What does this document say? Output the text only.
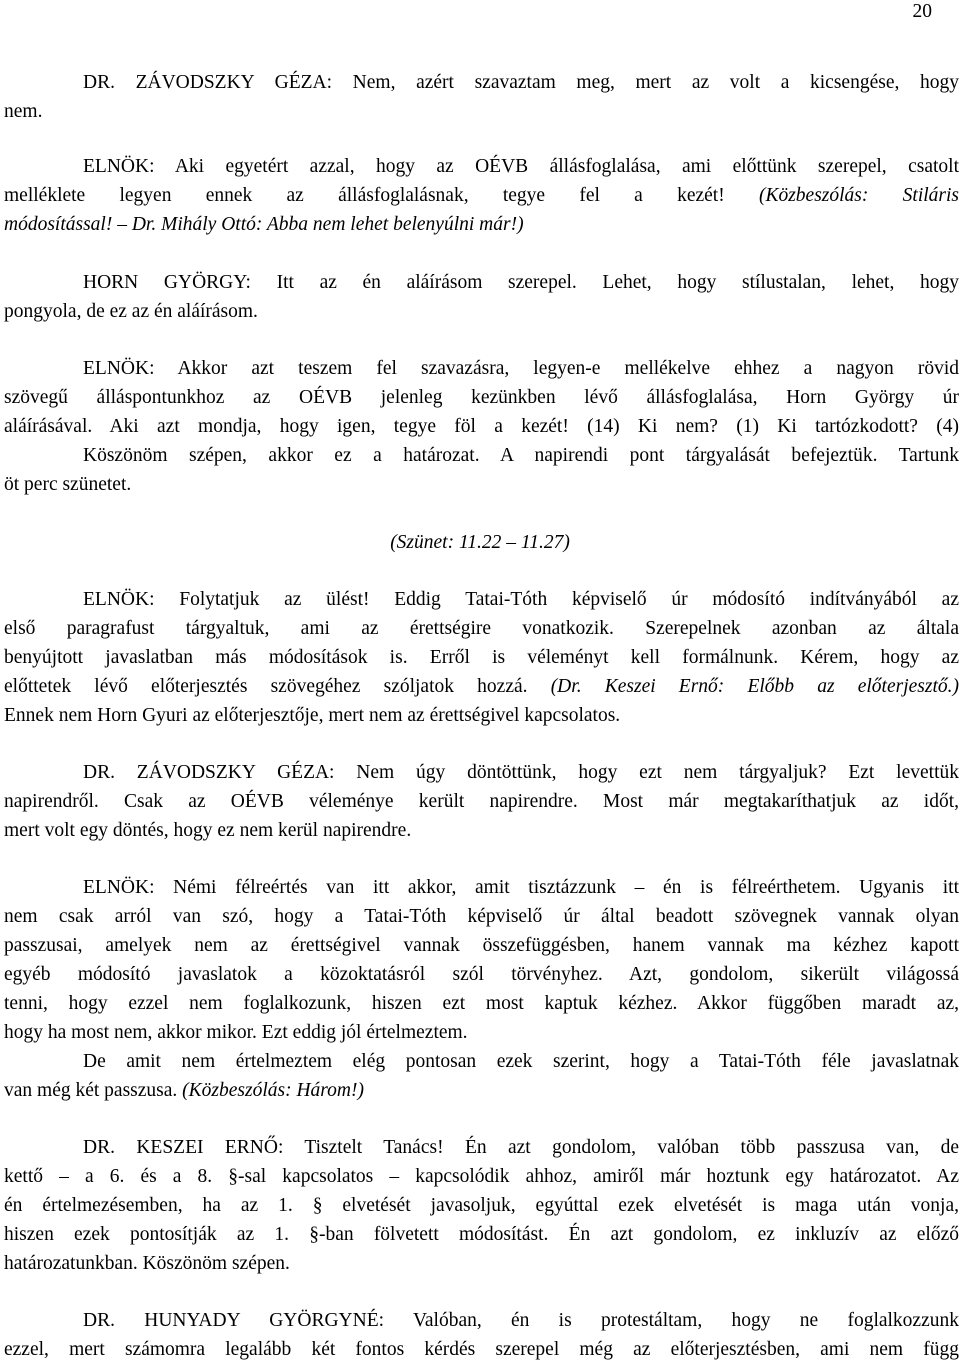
20
DR. ZÁVODSZKY GÉZA: Nem, azért szavaztam meg, mert az volt a kicsengése, hogy
nem.
ELNÖK: Aki egyetért azzal, hogy az OÉVB állásfoglalása, ami előttünk szerepel, csatolt
melléklete legyen ennek az állásfoglalásnak, tegye fel a kezét! (Közbeszólás: Stiláris
módosítással! – Dr. Mihály Ottó: Abba nem lehet belenyúlni már!)
HORN GYÖRGY: Itt az én aláírásom szerepel. Lehet, hogy stílustalan, lehet, hogy
pongyola, de ez az én aláírásom.
ELNÖK: Akkor azt teszem fel szavazásra, legyen-e mellékelve ehhez a nagyon rövid
szövegű álláspontunkhoz az OÉVB jelenleg kezünkben lévő állásfoglalása, Horn György úr
aláírásával. Aki azt mondja, hogy igen, tegye föl a kezét! (14) Ki nem? (1) Ki tartózkodott? (4)
Köszönöm szépen, akkor ez a határozat. A napirendi pont tárgyalását befejeztük. Tartunk
öt perc szünetet.
(Szünet: 11.22 – 11.27)
ELNÖK: Folytatjuk az ülést! Eddig Tatai-Tóth képviselő úr módosító indítványából az
első paragrafust tárgyaltuk, ami az érettségire vonatkozik. Szerepelnek azonban az általa
benyújtott javaslatban más módosítások is. Erről is véleményt kell formálnunk. Kérem, hogy az
előttetek lévő előterjesztés szövegéhez szóljatok hozzá. (Dr. Keszei Ernő: Előbb az előterjesztő.)
Ennek nem Horn Gyuri az előterjesztője, mert nem az érettségivel kapcsolatos.
DR. ZÁVODSZKY GÉZA: Nem úgy döntöttünk, hogy ezt nem tárgyaljuk? Ezt levettük
napirendről. Csak az OÉVB véleménye került napirendre. Most már megtakaríthatjuk az időt,
mert volt egy döntés, hogy ez nem kerül napirendre.
ELNÖK: Némi félreértés van itt akkor, amit tisztázzunk – én is félreérthetem. Ugyanis itt
nem csak arról van szó, hogy a Tatai-Tóth képviselő úr által beadott szövegnek vannak olyan
passzusai, amelyek nem az érettségivel vannak összefüggésben, hanem vannak ma kézhez kapott
egyéb módosító javaslatok a közoktatásról szól törvényhez. Azt, gondolom, sikerült világossá
tenni, hogy ezzel nem foglalkozunk, hiszen ezt most kaptuk kézhez. Akkor függőben maradt az,
hogy ha most nem, akkor mikor. Ezt eddig jól értelmeztem.
De amit nem értelmeztem elég pontosan ezek szerint, hogy a Tatai-Tóth féle javaslatnak
van még két passzusa. (Közbeszólás: Három!)
DR. KESZEI ERNŐ: Tisztelt Tanács! Én azt gondolom, valóban több passzusa van, de
kettő – a 6. és a 8. §-sal kapcsolatos – kapcsolódik ahhoz, amiről már hoztunk egy határozatot. Az
én értelmezésemben, ha az 1. § elvetését javasoljuk, egyúttal ezek elvetését is maga után vonja,
hiszen ezek pontosítják az 1. §-ban fölvetett módosítást. Én azt gondolom, ez inkluzív az előző
határozatunkban. Köszönöm szépen.
DR. HUNYADY GYÖRGYNÉ: Valóban, én is protestáltam, hogy ne foglalkozzunk
ezzel, mert számomra legalább két fontos kérdés szerepel még az előterjesztésben, ami nem függ
